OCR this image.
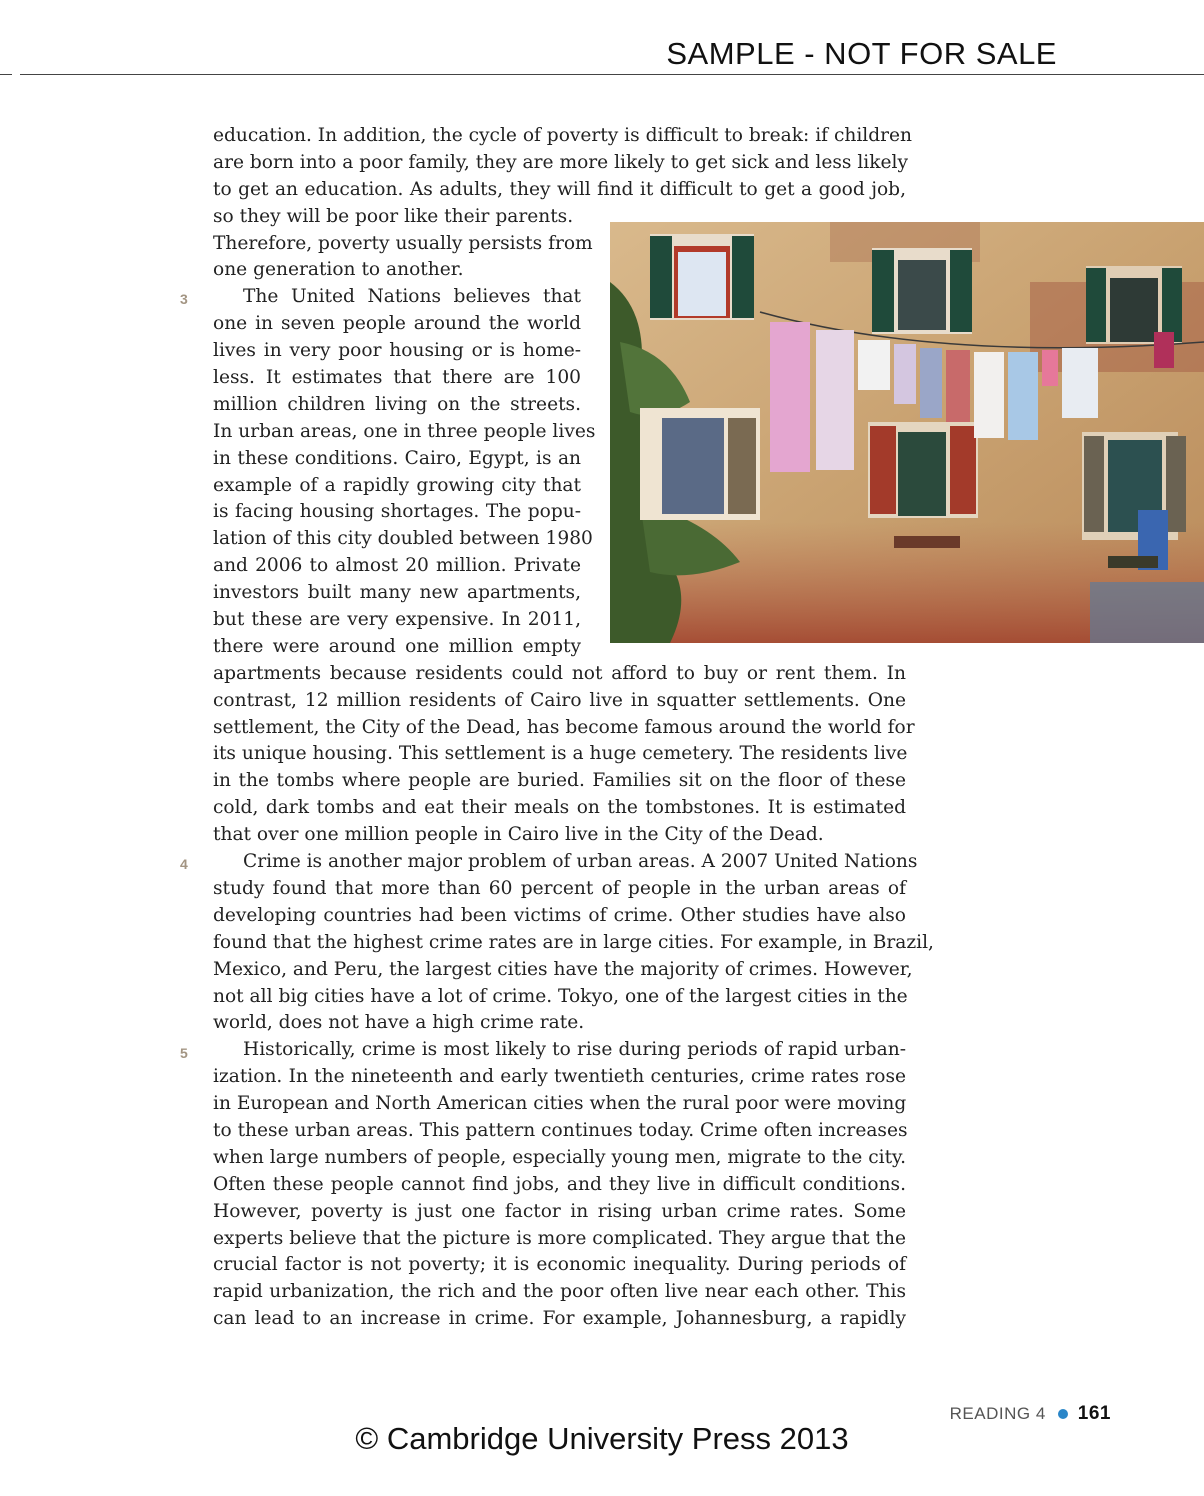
SAMPLE - NOT FOR SALE
3
4
5
education. In addition, the cycle of poverty is difficult to break: if children
are born into a poor family, they are more likely to get sick and less likely
to get an education. As adults, they will find it difficult to get a good job,
so they will be poor like their parents.
Therefore, poverty usually persists from
one generation to another.
The United Nations believes that
one in seven people around the world
lives in very poor housing or is home-
less. It estimates that there are 100
million children living on the streets.
In urban areas, one in three people lives
in these conditions. Cairo, Egypt, is an
example of a rapidly growing city that
is facing housing shortages. The popu-
lation of this city doubled between 1980
and 2006 to almost 20 million. Private
investors built many new apartments,
but these are very expensive. In 2011,
there were around one million empty
apartments because residents could not afford to buy or rent them. In
contrast, 12 million residents of Cairo live in squatter settlements. One
settlement, the City of the Dead, has become famous around the world for
its unique housing. This settlement is a huge cemetery. The residents live
in the tombs where people are buried. Families sit on the floor of these
cold, dark tombs and eat their meals on the tombstones. It is estimated
that over one million people in Cairo live in the City of the Dead.
Crime is another major problem of urban areas. A 2007 United Nations
study found that more than 60 percent of people in the urban areas of
developing countries had been victims of crime. Other studies have also
found that the highest crime rates are in large cities. For example, in Brazil,
Mexico, and Peru, the largest cities have the majority of crimes. However,
not all big cities have a lot of crime. Tokyo, one of the largest cities in the
world, does not have a high crime rate.
Historically, crime is most likely to rise during periods of rapid urban-
ization. In the nineteenth and early twentieth centuries, crime rates rose
in European and North American cities when the rural poor were moving
to these urban areas. This pattern continues today. Crime often increases
when large numbers of people, especially young men, migrate to the city.
Often these people cannot find jobs, and they live in difficult conditions.
However, poverty is just one factor in rising urban crime rates. Some
experts believe that the picture is more complicated. They argue that the
crucial factor is not poverty; it is economic inequality. During periods of
rapid urbanization, the rich and the poor often live near each other. This
can lead to an increase in crime. For example, Johannesburg, a rapidly
READING 4 161
© Cambridge University Press 2013
